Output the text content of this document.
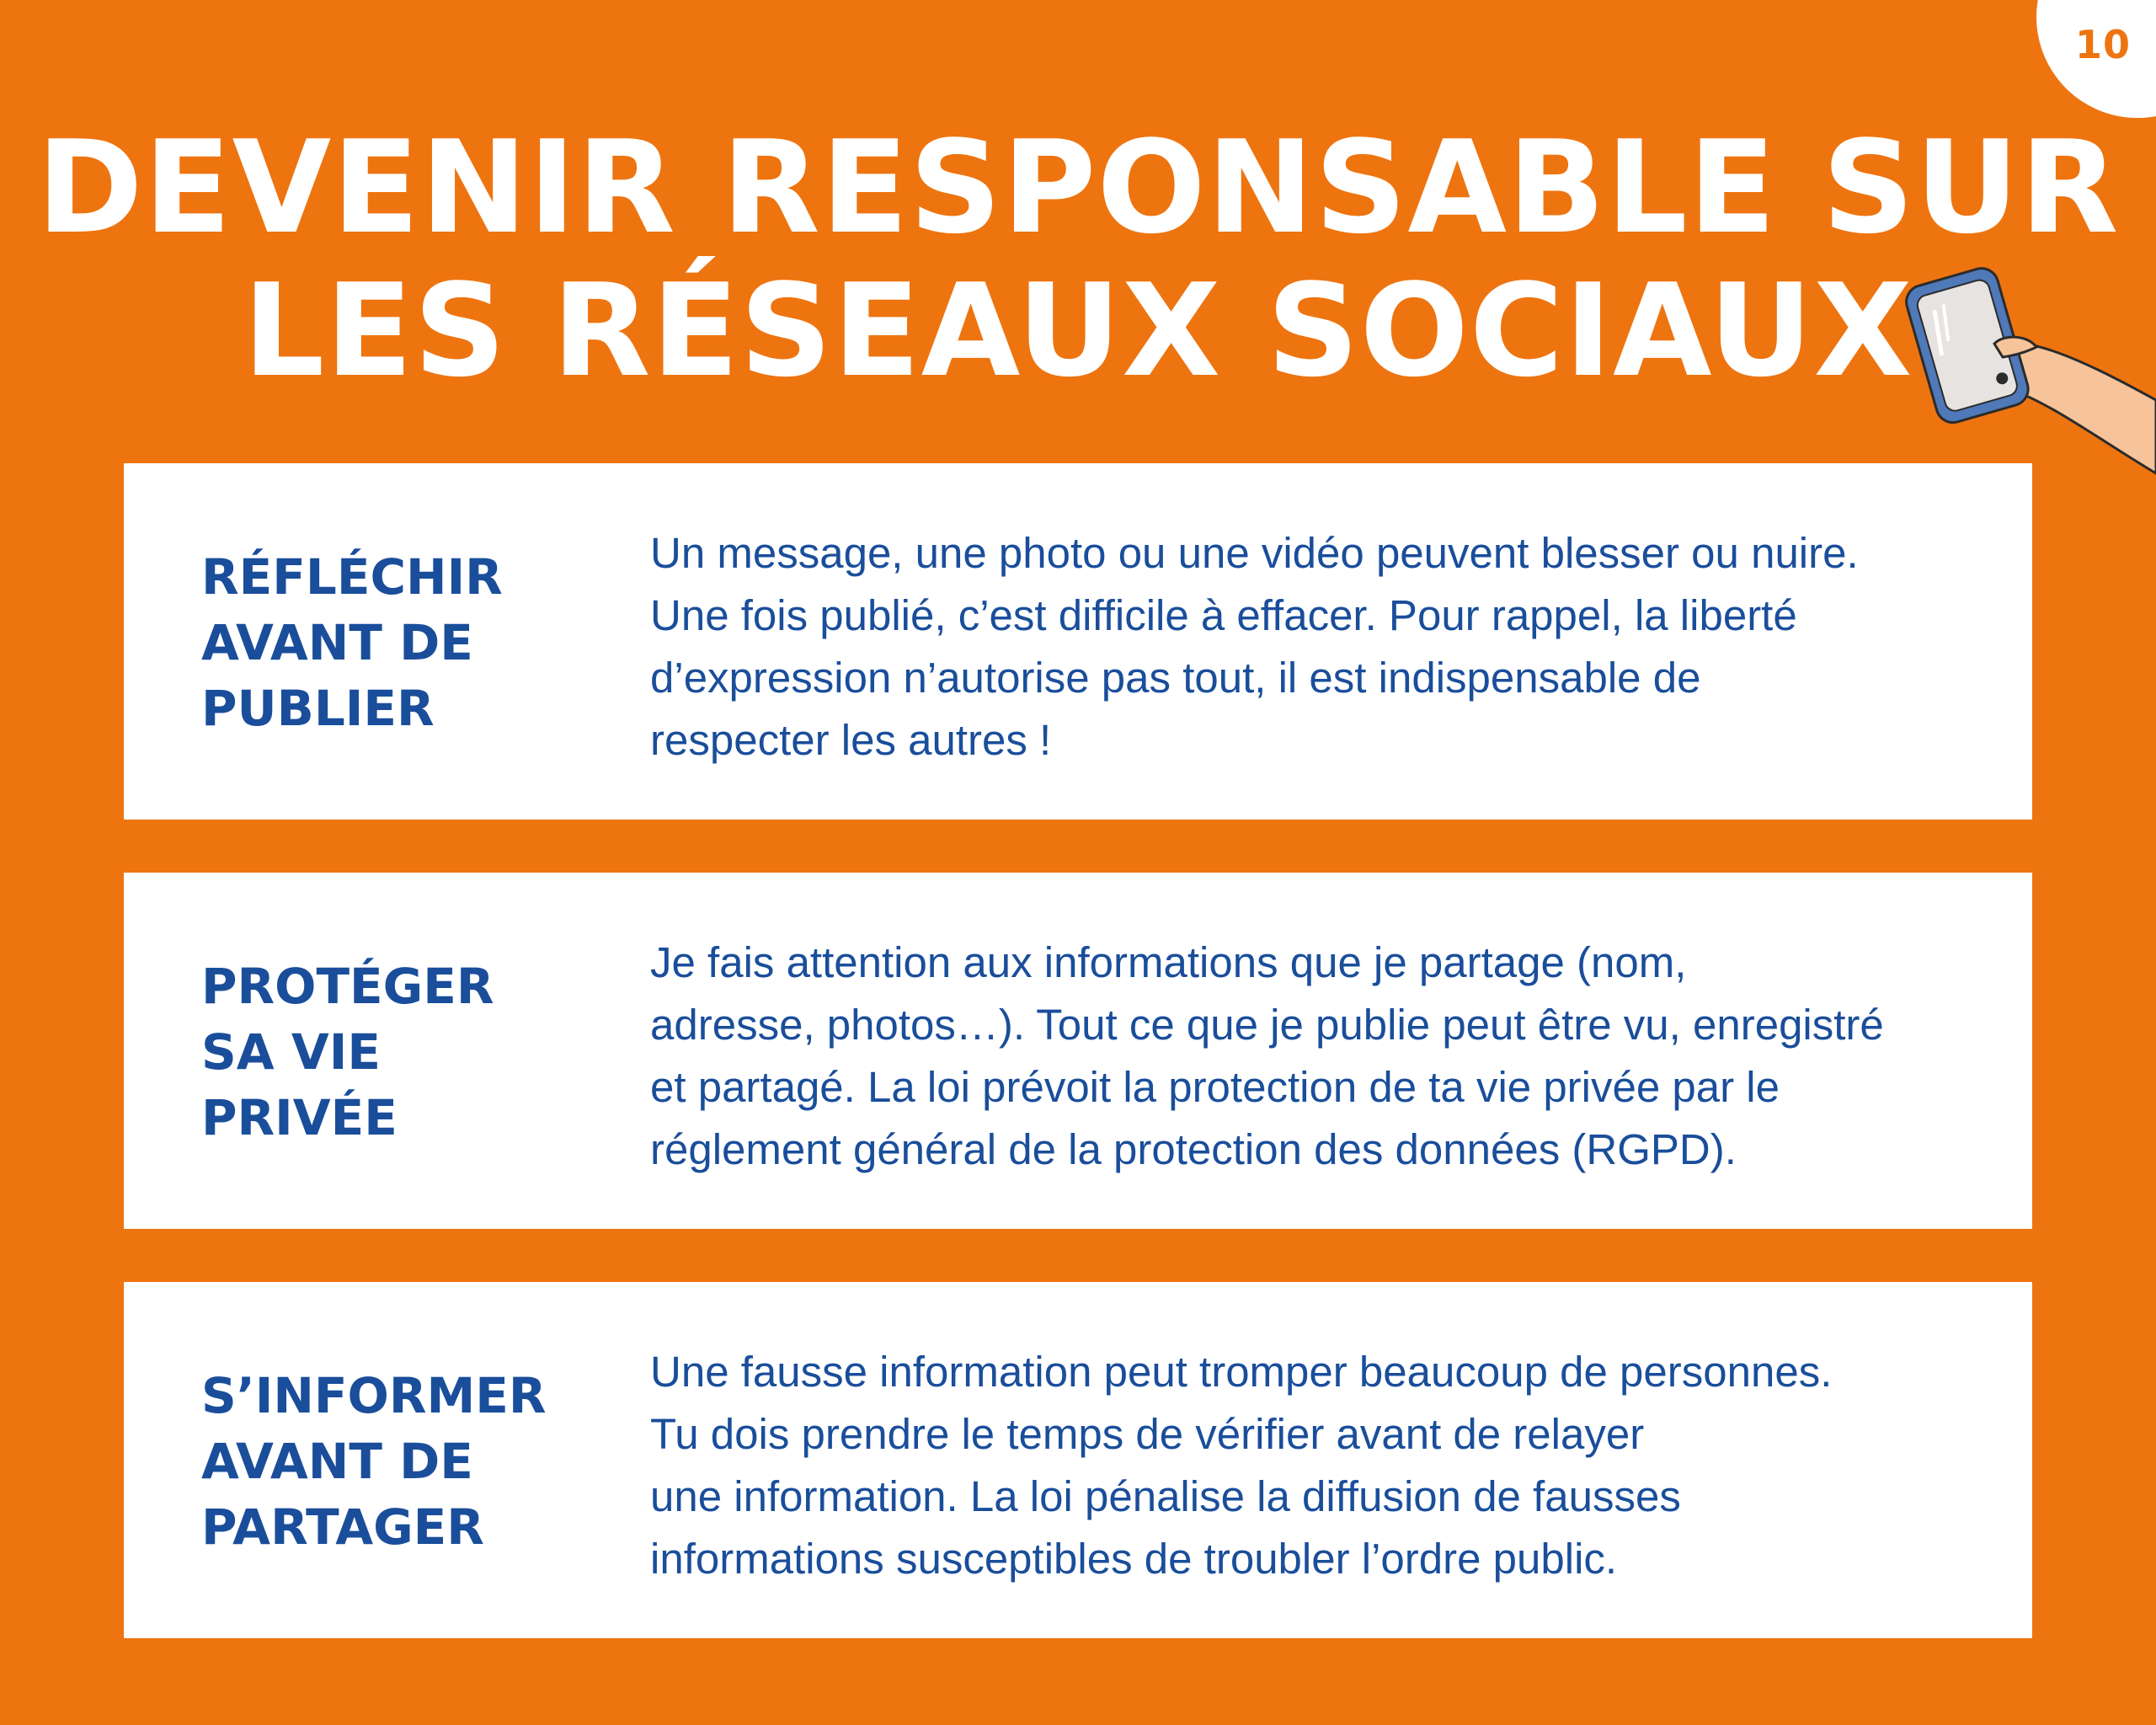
10
DEVENIR RESPONSABLE SUR
LES RÉSEAUX SOCIAUX
RÉFLÉCHIR
AVANT DE
PUBLIER

Un message, une photo ou une vidéo peuvent blesser ou nuire.
Une fois publié, c’est difficile à effacer. Pour rappel, la liberté
d’expression n’autorise pas tout, il est indispensable de
respecter les autres !

PROTÉGER
SA VIE
PRIVÉE

Je fais attention aux informations que je partage (nom,
adresse, photos…). Tout ce que je publie peut être vu, enregistré
et partagé. La loi prévoit la protection de ta vie privée par le
réglement général de la protection des données (RGPD).

S’INFORMER
AVANT DE
PARTAGER

Une fausse information peut tromper beaucoup de personnes.
Tu dois prendre le temps de vérifier avant de relayer
une information. La loi pénalise la diffusion de fausses
informations susceptibles de troubler l’ordre public.
